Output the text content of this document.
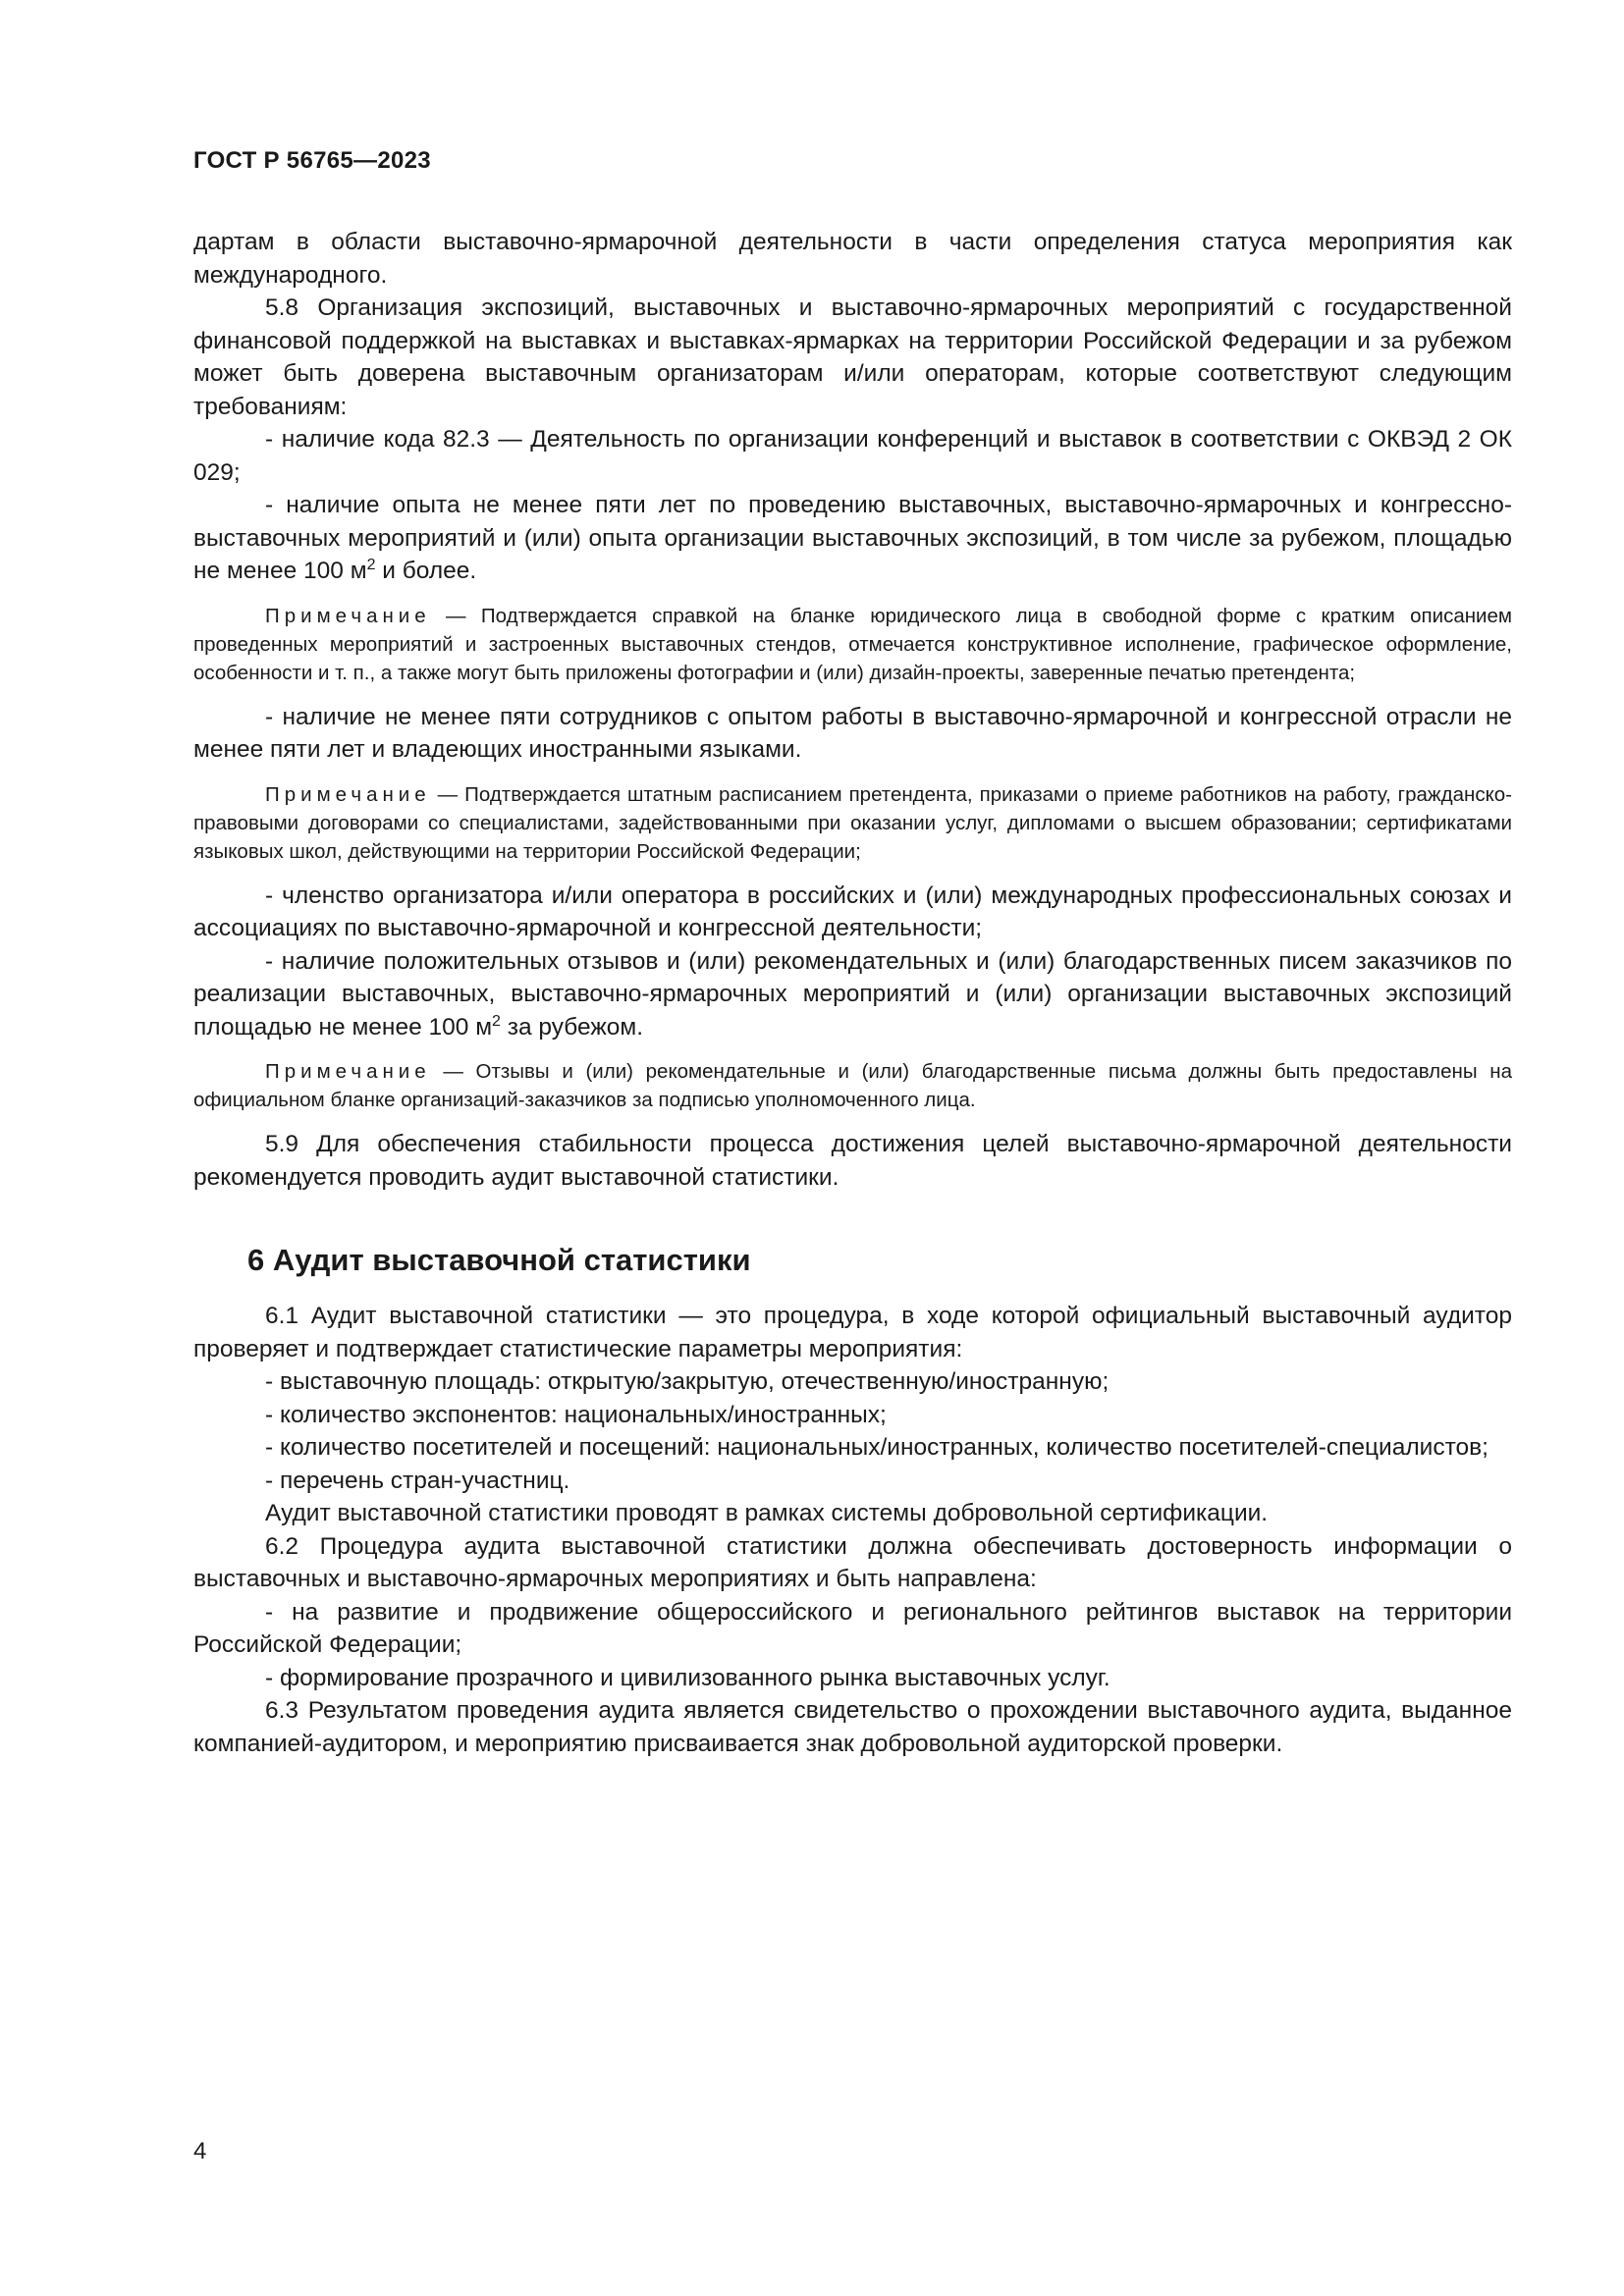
ГОСТ Р 56765—2023

дартам в области выставочно-ярмарочной деятельности в части определения статуса мероприятия как международного.

5.8 Организация экспозиций, выставочных и выставочно-ярмарочных мероприятий с государственной финансовой поддержкой на выставках и выставках-ярмарках на территории Российской Федерации и за рубежом может быть доверена выставочным организаторам и/или операторам, которые соответствуют следующим требованиям:

- наличие кода 82.3 — Деятельность по организации конференций и выставок в соответствии с ОКВЭД 2 ОК 029;

- наличие опыта не менее пяти лет по проведению выставочных, выставочно-ярмарочных и конгрессно-выставочных мероприятий и (или) опыта организации выставочных экспозиций, в том числе за рубежом, площадью не менее 100 $м^2$ и более.

Примечание — Подтверждается справкой на бланке юридического лица в свободной форме с кратким описанием проведенных мероприятий и застроенных выставочных стендов, отмечается конструктивное исполнение, графическое оформление, особенности и т. п., а также могут быть приложены фотографии и (или) дизайн-проекты, заверенные печатью претендента;

- наличие не менее пяти сотрудников с опытом работы в выставочно-ярмарочной и конгрессной отрасли не менее пяти лет и владеющих иностранными языками.

Примечание — Подтверждается штатным расписанием претендента, приказами о приеме работников на работу, гражданско-правовыми договорами со специалистами, задействованными при оказании услуг, дипломами о высшем образовании; сертификатами языковых школ, действующими на территории Российской Федерации;

- членство организатора и/или оператора в российских и (или) международных профессиональных союзах и ассоциациях по выставочно-ярмарочной и конгрессной деятельности;

- наличие положительных отзывов и (или) рекомендательных и (или) благодарственных писем заказчиков по реализации выставочных, выставочно-ярмарочных мероприятий и (или) организации выставочных экспозиций площадью не менее 100 $м^2$ за рубежом.

Примечание — Отзывы и (или) рекомендательные и (или) благодарственные письма должны быть предоставлены на официальном бланке организаций-заказчиков за подписью уполномоченного лица.

5.9 Для обеспечения стабильности процесса достижения целей выставочно-ярмарочной деятельности рекомендуется проводить аудит выставочной статистики.

6 Аудит выставочной статистики

6.1 Аудит выставочной статистики — это процедура, в ходе которой официальный выставочный аудитор проверяет и подтверждает статистические параметры мероприятия:

- выставочную площадь: открытую/закрытую, отечественную/иностранную;

- количество экспонентов: национальных/иностранных;

- количество посетителей и посещений: национальных/иностранных, количество посетителей-специалистов;

- перечень стран-участниц.

Аудит выставочной статистики проводят в рамках системы добровольной сертификации.

6.2 Процедура аудита выставочной статистики должна обеспечивать достоверность информации о выставочных и выставочно-ярмарочных мероприятиях и быть направлена:

- на развитие и продвижение общероссийского и регионального рейтингов выставок на территории Российской Федерации;

- формирование прозрачного и цивилизованного рынка выставочных услуг.

6.3 Результатом проведения аудита является свидетельство о прохождении выставочного аудита, выданное компанией-аудитором, и мероприятию присваивается знак добровольной аудиторской проверки.

4
